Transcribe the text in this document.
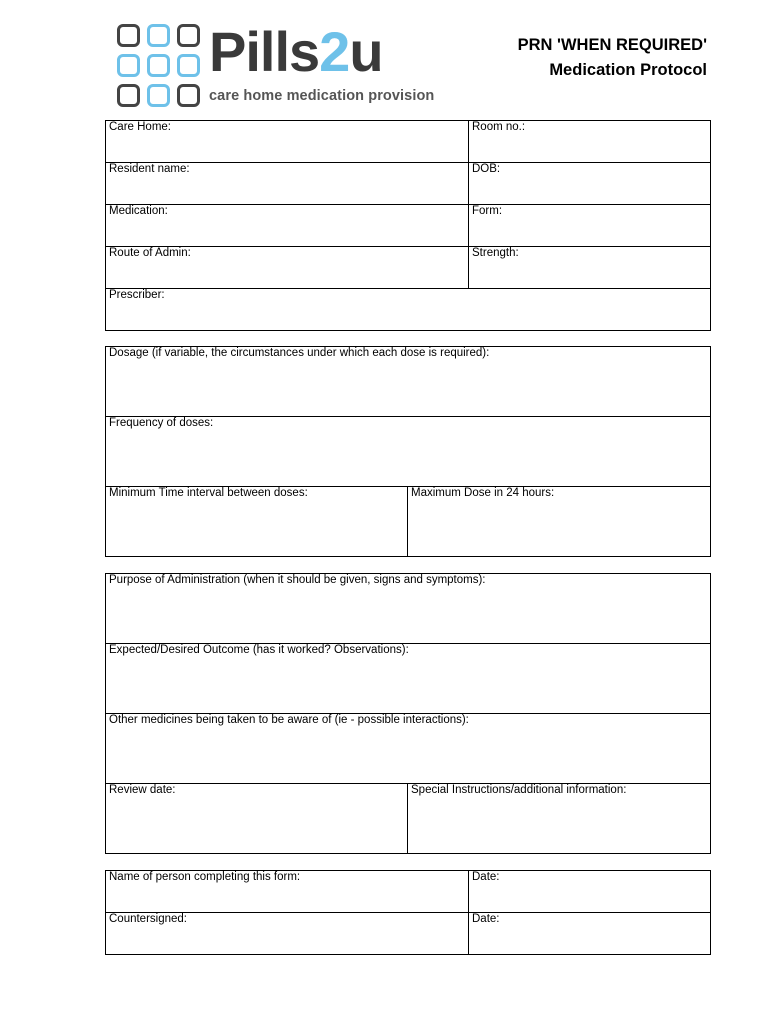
Pills2u
care home medication provision
PRN 'WHEN REQUIRED'
Medication Protocol
Care Home:	Room no.:
Resident name:	DOB:
Medication:	Form:
Route of Admin:	Strength:
Prescriber:	
Dosage (if variable, the circumstances under which each dose is required):
Frequency of doses:
Minimum Time interval between doses:	Maximum Dose in 24 hours:
Purpose of Administration (when it should be given, signs and symptoms):
Expected/Desired Outcome (has it worked? Observations):
Other medicines being taken to be aware of (ie - possible interactions):
Review date:	Special Instructions/additional information:
Name of person completing this form:	Date:
Countersigned:	Date:
